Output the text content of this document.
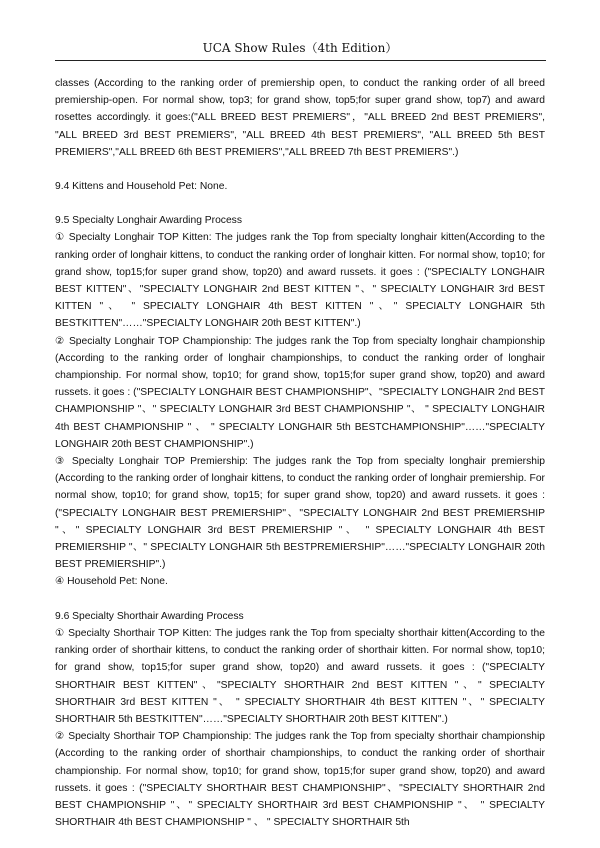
UCA Show Rules（4th Edition）

classes (According to the ranking order of premiership open, to conduct the ranking order of all breed premiership-open. For normal show, top3; for grand show, top5;for super grand show, top7) and award rosettes accordingly. it goes:("ALL BREED BEST PREMIERS"，"ALL BREED 2nd BEST PREMIERS", "ALL BREED 3rd BEST PREMIERS", "ALL BREED 4th BEST PREMIERS", "ALL BREED 5th BEST PREMIERS","ALL BREED 6th BEST PREMIERS","ALL BREED 7th BEST PREMIERS".)

9.4 Kittens and Household Pet: None.

9.5 Specialty Longhair Awarding Process

① Specialty Longhair TOP Kitten: The judges rank the Top from specialty longhair kitten(According to the ranking order of longhair kittens, to conduct the ranking order of longhair kitten. For normal show, top10; for grand show, top15;for super grand show, top20) and award russets. it goes : ("SPECIALTY LONGHAIR BEST KITTEN"、"SPECIALTY LONGHAIR 2nd BEST KITTEN "、" SPECIALTY LONGHAIR 3rd BEST KITTEN "、 " SPECIALTY LONGHAIR 4th BEST KITTEN "、" SPECIALTY LONGHAIR 5th BESTKITTEN"……"SPECIALTY LONGHAIR 20th BEST KITTEN".)

② Specialty Longhair TOP Championship: The judges rank the Top from specialty longhair championship (According to the ranking order of longhair championships, to conduct the ranking order of longhair championship. For normal show, top10; for grand show, top15;for super grand show, top20) and award russets. it goes : ("SPECIALTY LONGHAIR BEST CHAMPIONSHIP"、"SPECIALTY LONGHAIR 2nd BEST CHAMPIONSHIP "、" SPECIALTY LONGHAIR 3rd BEST CHAMPIONSHIP "、 " SPECIALTY LONGHAIR 4th BEST CHAMPIONSHIP " 、 " SPECIALTY LONGHAIR 5th BESTCHAMPIONSHIP"……"SPECIALTY LONGHAIR 20th BEST CHAMPIONSHIP".)

③ Specialty Longhair TOP Premiership: The judges rank the Top from specialty longhair premiership (According to the ranking order of longhair kittens, to conduct the ranking order of longhair premiership. For normal show, top10; for grand show, top15; for super grand show, top20) and award russets. it goes : ("SPECIALTY LONGHAIR BEST PREMIERSHIP"、"SPECIALTY LONGHAIR 2nd BEST PREMIERSHIP "、" SPECIALTY LONGHAIR 3rd BEST PREMIERSHIP "、 " SPECIALTY LONGHAIR 4th BEST PREMIERSHIP "、" SPECIALTY LONGHAIR 5th BESTPREMIERSHIP"……"SPECIALTY LONGHAIR 20th BEST PREMIERSHIP".)

④ Household Pet: None.

9.6 Specialty Shorthair Awarding Process

① Specialty Shorthair TOP Kitten: The judges rank the Top from specialty shorthair kitten(According to the ranking order of shorthair kittens, to conduct the ranking order of shorthair kitten. For normal show, top10; for grand show, top15;for super grand show, top20) and award russets. it goes : ("SPECIALTY SHORTHAIR BEST KITTEN"、"SPECIALTY SHORTHAIR 2nd BEST KITTEN "、" SPECIALTY SHORTHAIR 3rd BEST KITTEN "、 " SPECIALTY SHORTHAIR 4th BEST KITTEN "、" SPECIALTY SHORTHAIR 5th BESTKITTEN"……"SPECIALTY SHORTHAIR 20th BEST KITTEN".)

② Specialty Shorthair TOP Championship: The judges rank the Top from specialty shorthair championship (According to the ranking order of shorthair championships, to conduct the ranking order of shorthair championship. For normal show, top10; for grand show, top15;for super grand show, top20) and award russets. it goes : ("SPECIALTY SHORTHAIR BEST CHAMPIONSHIP"、"SPECIALTY SHORTHAIR 2nd BEST CHAMPIONSHIP "、" SPECIALTY SHORTHAIR 3rd BEST CHAMPIONSHIP "、 " SPECIALTY SHORTHAIR 4th BEST CHAMPIONSHIP " 、 " SPECIALTY SHORTHAIR 5th
